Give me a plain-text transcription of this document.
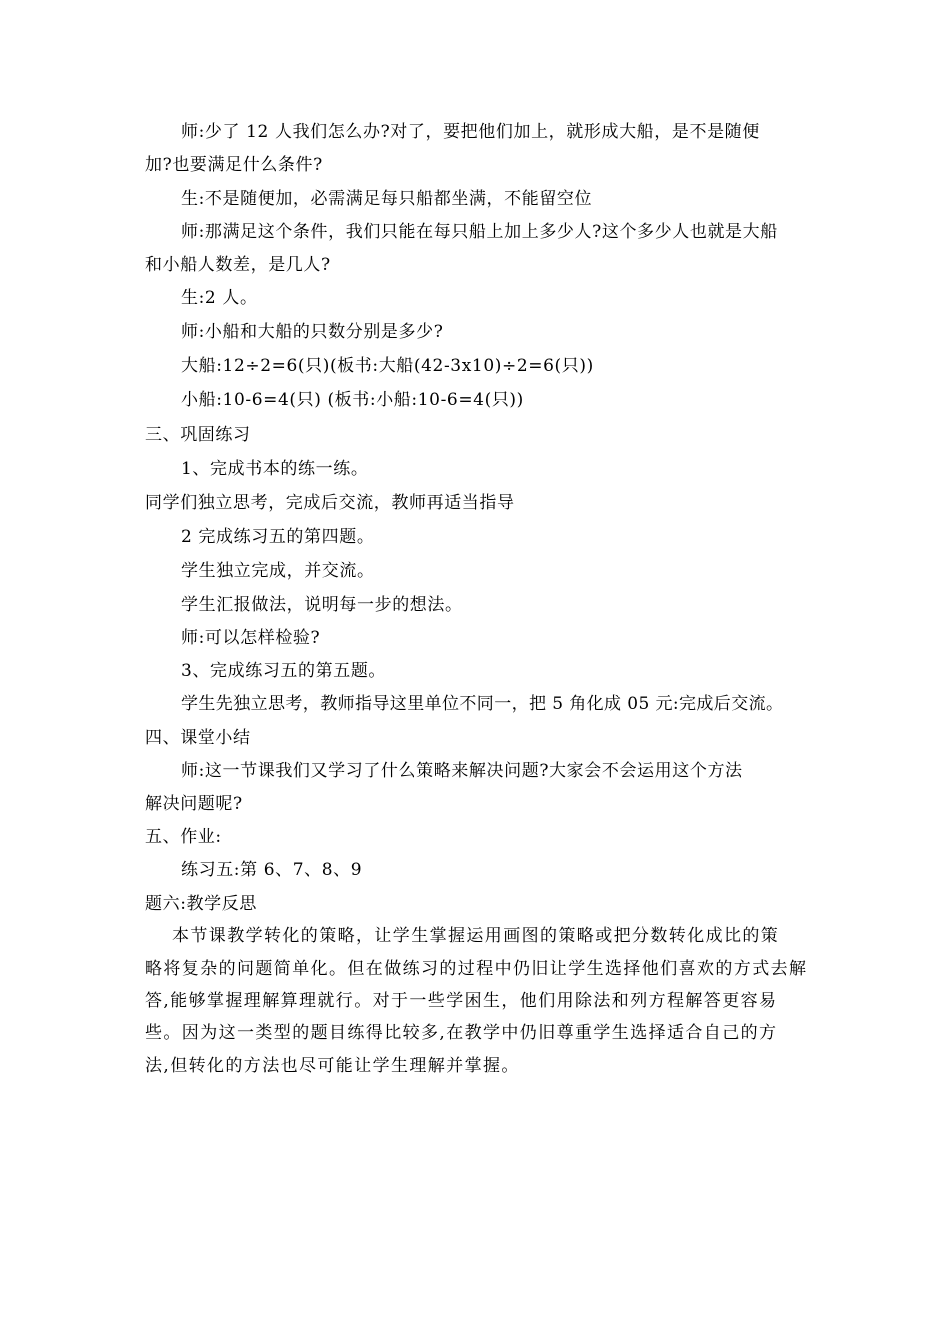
师:少了 12 人我们怎么办?对了，要把他们加上，就形成大船，是不是随便
加?也要满足什么条件?
生:不是随便加，必需满足每只船都坐满，不能留空位
师:那满足这个条件，我们只能在每只船上加上多少人?这个多少人也就是大船
和小船人数差，是几人?
生:2 人。
师:小船和大船的只数分别是多少?
大船:12÷2=6(只)(板书:大船(42-3x10)÷2=6(只))
小船:10-6=4(只) (板书:小船:10-6=4(只))
三、巩固练习
1、完成书本的练一练。
同学们独立思考，完成后交流，教师再适当指导
2 完成练习五的第四题。
学生独立完成，并交流。
学生汇报做法，说明每一步的想法。
师:可以怎样检验?
3、完成练习五的第五题。
学生先独立思考，教师指导这里单位不同一，把 5 角化成 05 元:完成后交流。
四、课堂小结
师:这一节课我们又学习了什么策略来解决问题?大家会不会运用这个方法
解决问题呢?
五、作业:
练习五:第 6、7、8、9
题六:教学反思
本节课教学转化的策略，让学生掌握运用画图的策略或把分数转化成比的策
略将复杂的问题简单化。但在做练习的过程中仍旧让学生选择他们喜欢的方式去解
答,能够掌握理解算理就行。对于一些学困生，他们用除法和列方程解答更容易
些。因为这一类型的题目练得比较多,在教学中仍旧尊重学生选择适合自己的方
法,但转化的方法也尽可能让学生理解并掌握。
